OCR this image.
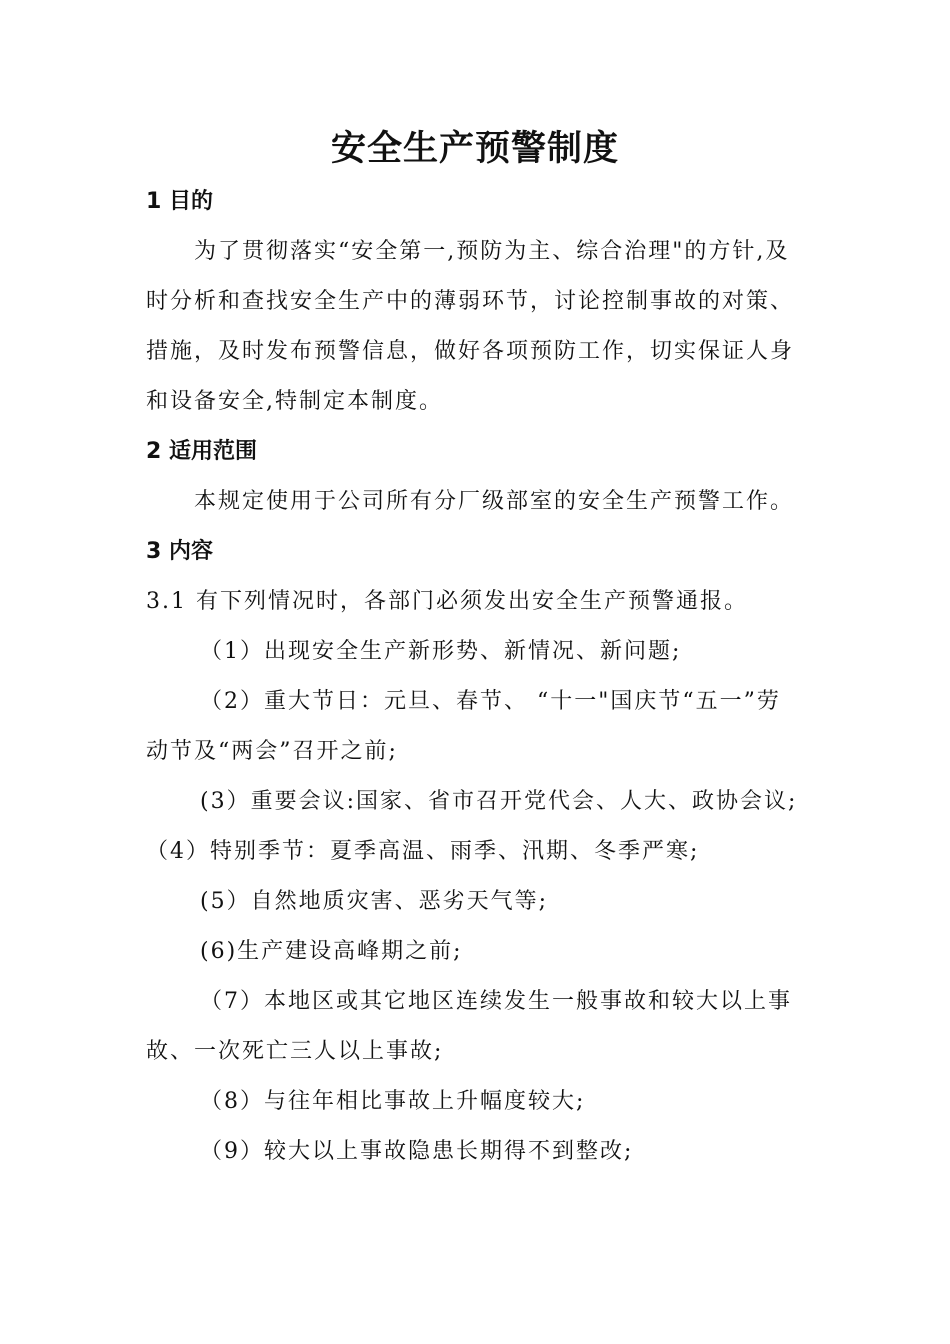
安全生产预警制度

1 目的

为了贯彻落实“安全第一,预防为主、综合治理"的方针,及时分析和查找安全生产中的薄弱环节，讨论控制事故的对策、措施，及时发布预警信息，做好各项预防工作，切实保证人身和设备安全,特制定本制度。

2 适用范围

本规定使用于公司所有分厂级部室的安全生产预警工作。

3 内容

3.1 有下列情况时，各部门必须发出安全生产预警通报。

（1）出现安全生产新形势、新情况、新问题;

（2）重大节日：元旦、春节、 “十一"国庆节“五一”劳动节及“两会”召开之前;

(3）重要会议:国家、省市召开党代会、人大、政协会议;（4）特别季节：夏季高温、雨季、汛期、冬季严寒;

(5）自然地质灾害、恶劣天气等;

(6)生产建设高峰期之前;

（7）本地区或其它地区连续发生一般事故和较大以上事故、一次死亡三人以上事故;

（8）与往年相比事故上升幅度较大;

（9）较大以上事故隐患长期得不到整改;
